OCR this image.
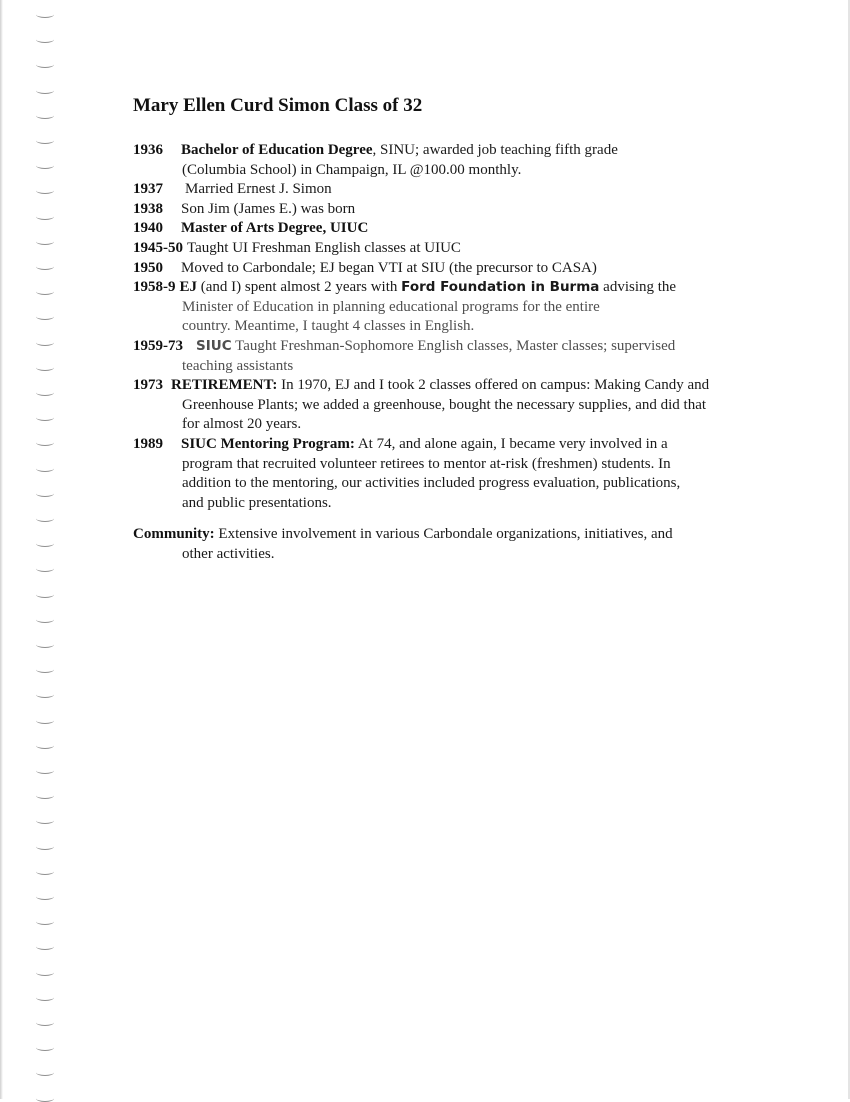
Mary Ellen Curd Simon Class of 32
1936	Bachelor of Education Degree, SINU; awarded job teaching fifth grade
(Columbia School) in Champaign, IL @100.00 monthly.
1937	Married Ernest J. Simon
1938	Son Jim (James E.) was born
1940	Master of Arts Degree, UIUC
1945-50 Taught UI Freshman English classes at UIUC
1950	Moved to Carbondale; EJ began VTI at SIU (the precursor to CASA)
1958-9 EJ (and I) spent almost 2 years with Ford Foundation in Burma advising the
Minister of Education in planning educational programs for the entire
country. Meantime, I taught 4 classes in English.
1959-73 SIUC Taught Freshman-Sophomore English classes, Master classes; supervised
teaching assistants
1973 RETIREMENT: In 1970, EJ and I took 2 classes offered on campus: Making Candy and
Greenhouse Plants; we added a greenhouse, bought the necessary supplies, and did that
for almost 20 years.
1989	SIUC Mentoring Program: At 74, and alone again, I became very involved in a
program that recruited volunteer retirees to mentor at-risk (freshmen) students. In
addition to the mentoring, our activities included progress evaluation, publications,
and public presentations.
Community: Extensive involvement in various Carbondale organizations, initiatives, and
other activities.
